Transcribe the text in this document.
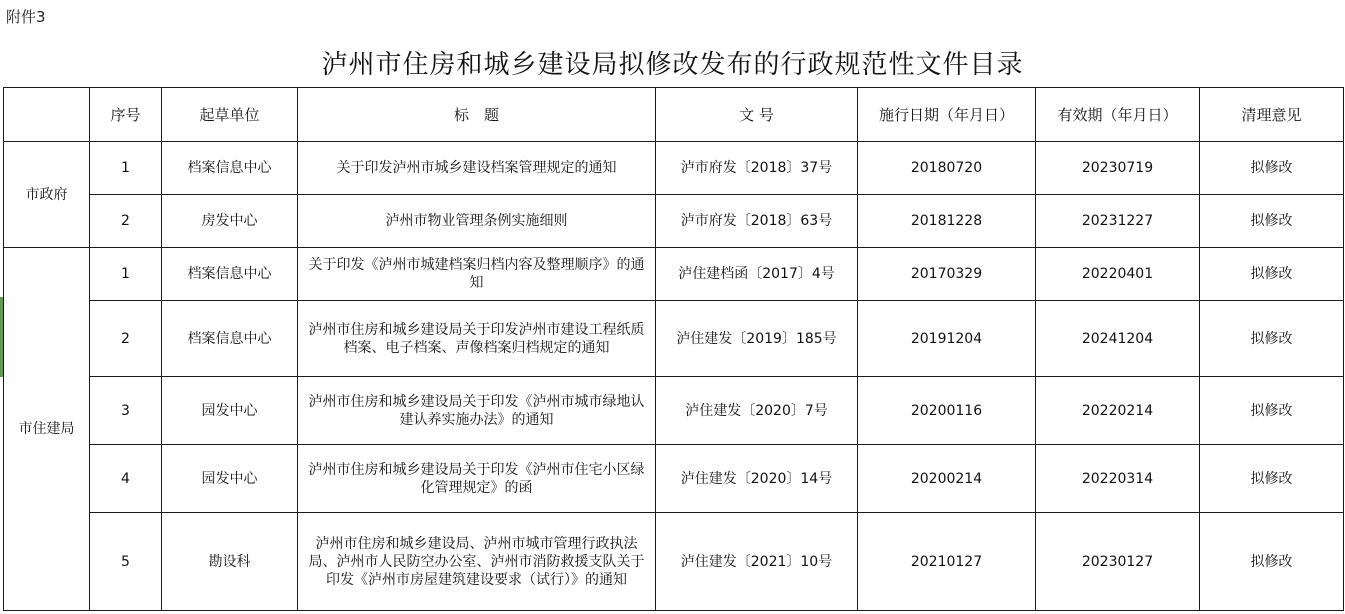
附件3
泸州市住房和城乡建设局拟修改发布的行政规范性文件目录
	序号	起草单位	标　题	文 号	施行日期（年月日）	有效期（年月日）	清理意见
市政府	1	档案信息中心	关于印发泸州市城乡建设档案管理规定的通知	泸市府发〔2018〕37号	20180720	20230719	拟修改
	2	房发中心	泸州市物业管理条例实施细则	泸市府发〔2018〕63号	20181228	20231227	拟修改
市住建局	1	档案信息中心	关于印发《泸州市城建档案归档内容及整理顺序》的通知	泸住建档函〔2017〕4号	20170329	20220401	拟修改
	2	档案信息中心	泸州市住房和城乡建设局关于印发泸州市建设工程纸质档案、电子档案、声像档案归档规定的通知	泸住建发〔2019〕185号	20191204	20241204	拟修改
	3	园发中心	泸州市住房和城乡建设局关于印发《泸州市城市绿地认建认养实施办法》的通知	泸住建发〔2020〕7号	20200116	20220214	拟修改
	4	园发中心	泸州市住房和城乡建设局关于印发《泸州市住宅小区绿化管理规定》的函	泸住建发〔2020〕14号	20200214	20220314	拟修改
	5	勘设科	泸州市住房和城乡建设局、泸州市城市管理行政执法局、泸州市人民防空办公室、泸州市消防救援支队关于印发《泸州市房屋建筑建设要求（试行）》的通知	泸住建发〔2021〕10号	20210127	20230127	拟修改
